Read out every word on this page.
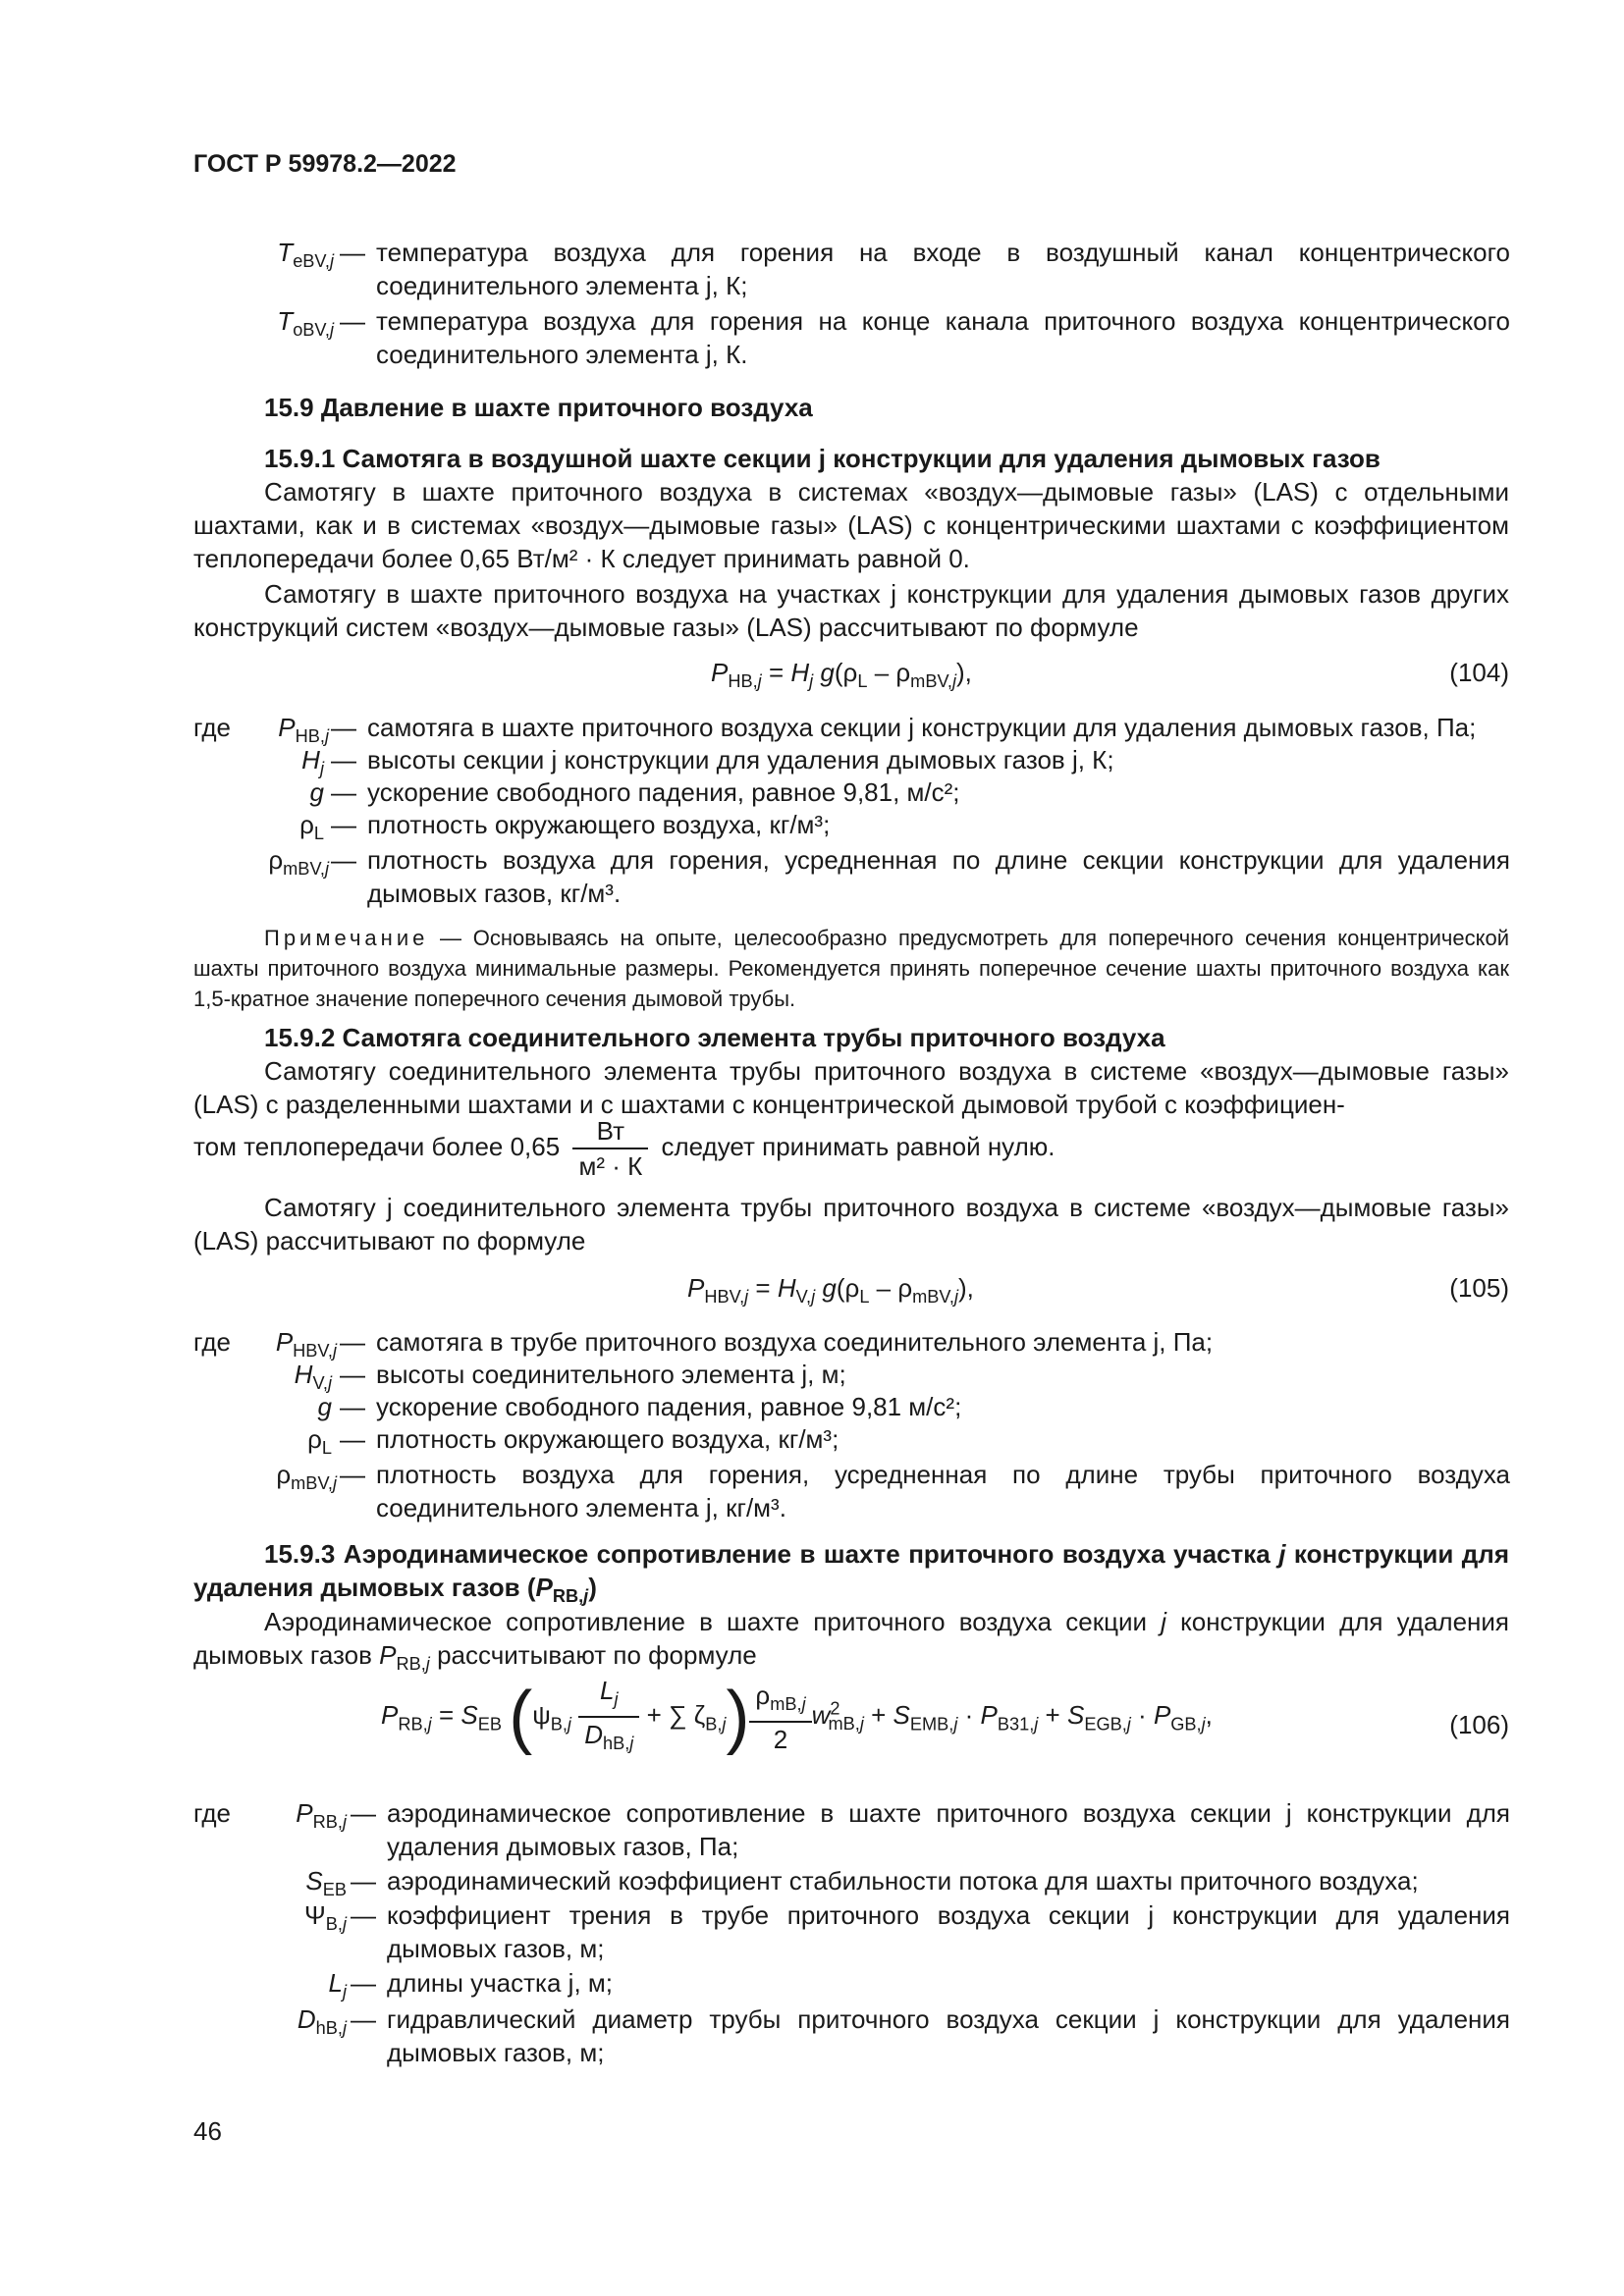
ГОСТ Р 59978.2—2022
$T_{eBV,j}$ — температура воздуха для горения на входе в воздушный канал концентрического соединительного элемента j, К;
$T_{oBV,j}$ — температура воздуха для горения на конце канала приточного воздуха концентрического соединительного элемента j, К.
15.9 Давление в шахте приточного воздуха
15.9.1 Самотяга в воздушной шахте секции j конструкции для удаления дымовых газов
Самотягу в шахте приточного воздуха в системах «воздух—дымовые газы» (LAS) с отдельными шахтами, как и в системах «воздух—дымовые газы» (LAS) с концентрическими шахтами с коэффициентом теплопередачи более 0,65 Вт/м² · К следует принимать равной 0.
Самотягу в шахте приточного воздуха на участках j конструкции для удаления дымовых газов других конструкций систем «воздух—дымовые газы» (LAS) рассчитывают по формуле
$P_{HB,j} = H_j$ $g(\rho_L - \rho_{mBV,j})$,	(104)
где	$P_{HB,j}$ — самотяга в шахте приточного воздуха секции j конструкции для удаления дымовых газов, Па;
$H_j$ — высоты секции j конструкции для удаления дымовых газов j, К;
g — ускорение свободного падения, равное 9,81, м/с²;
$\rho_L$ — плотность окружающего воздуха, кг/м³;
$\rho_{mBV,j}$ — плотность воздуха для горения, усредненная по длине секции конструкции для удаления дымовых газов, кг/м³.
Примечание — Основываясь на опыте, целесообразно предусмотреть для поперечного сечения концентрической шахты приточного воздуха минимальные размеры. Рекомендуется принять поперечное сечение шахты приточного воздуха как 1,5-кратное значение поперечного сечения дымовой трубы.
15.9.2 Самотяга соединительного элемента трубы приточного воздуха
Самотягу соединительного элемента трубы приточного воздуха в системе «воздух—дымовые газы» (LAS) с разделенными шахтами и с шахтами с концентрической дымовой трубой с коэффициен-
том теплопередачи более $0,65 \frac{Вт}{\text{м² · К}}$ следует принимать равной нулю.
Самотягу j соединительного элемента трубы приточного воздуха в системе «воздух—дымовые газы» (LAS) рассчитывают по формуле
$P_{HBV,j} = H_{V,j}$ $g(\rho_L - \rho_{mBV,j})$,	(105)
где	$P_{HBV,j}$ — самотяга в трубе приточного воздуха соединительного элемента j, Па;
$H_{V,j}$ — высоты соединительного элемента j, м;
g — ускорение свободного падения, равное 9,81 м/с²;
$\rho_L$ — плотность окружающего воздуха, кг/м³;
$\rho_{mBV,j}$ — плотность воздуха для горения, усредненная по длине трубы приточного воздуха соединительного элемента j, кг/м³.
15.9.3 Аэродинамическое сопротивление в шахте приточного воздуха участка j конструкции для удаления дымовых газов $(P_{RB,j})$
Аэродинамическое сопротивление в шахте приточного воздуха секции j конструкции для удаления дымовых газов $P_{RB,j}$ рассчитывают по формуле
$P_{RB,j} = S_{EB}$ ($\psi_{B,j} \frac{L_j}{D_{hB,j}}$ + ∑ $\zeta_{B,j}) \frac{\rho_{mB,j}}{2} w^2_{mB,j} + S_{EMB,j} \cdot P_{B31,j} + S_{EGB,j} \cdot P_{GB,j}$,	(106)
где	$P_{RB,j}$ — аэродинамическое сопротивление в шахте приточного воздуха секции j конструкции для удаления дымовых газов, Па;
$S_{EB}$ — аэродинамический коэффициент стабильности потока для шахты приточного воздуха;
$\Psi_{B,j}$ — коэффициент трения в трубе приточного воздуха секции j конструкции для удаления дымовых газов, м;
$L_j$ — длины участка j, м;
$D_{hB,j}$ — гидравлический диаметр трубы приточного воздуха секции j конструкции для удаления дымовых газов, м;
46
